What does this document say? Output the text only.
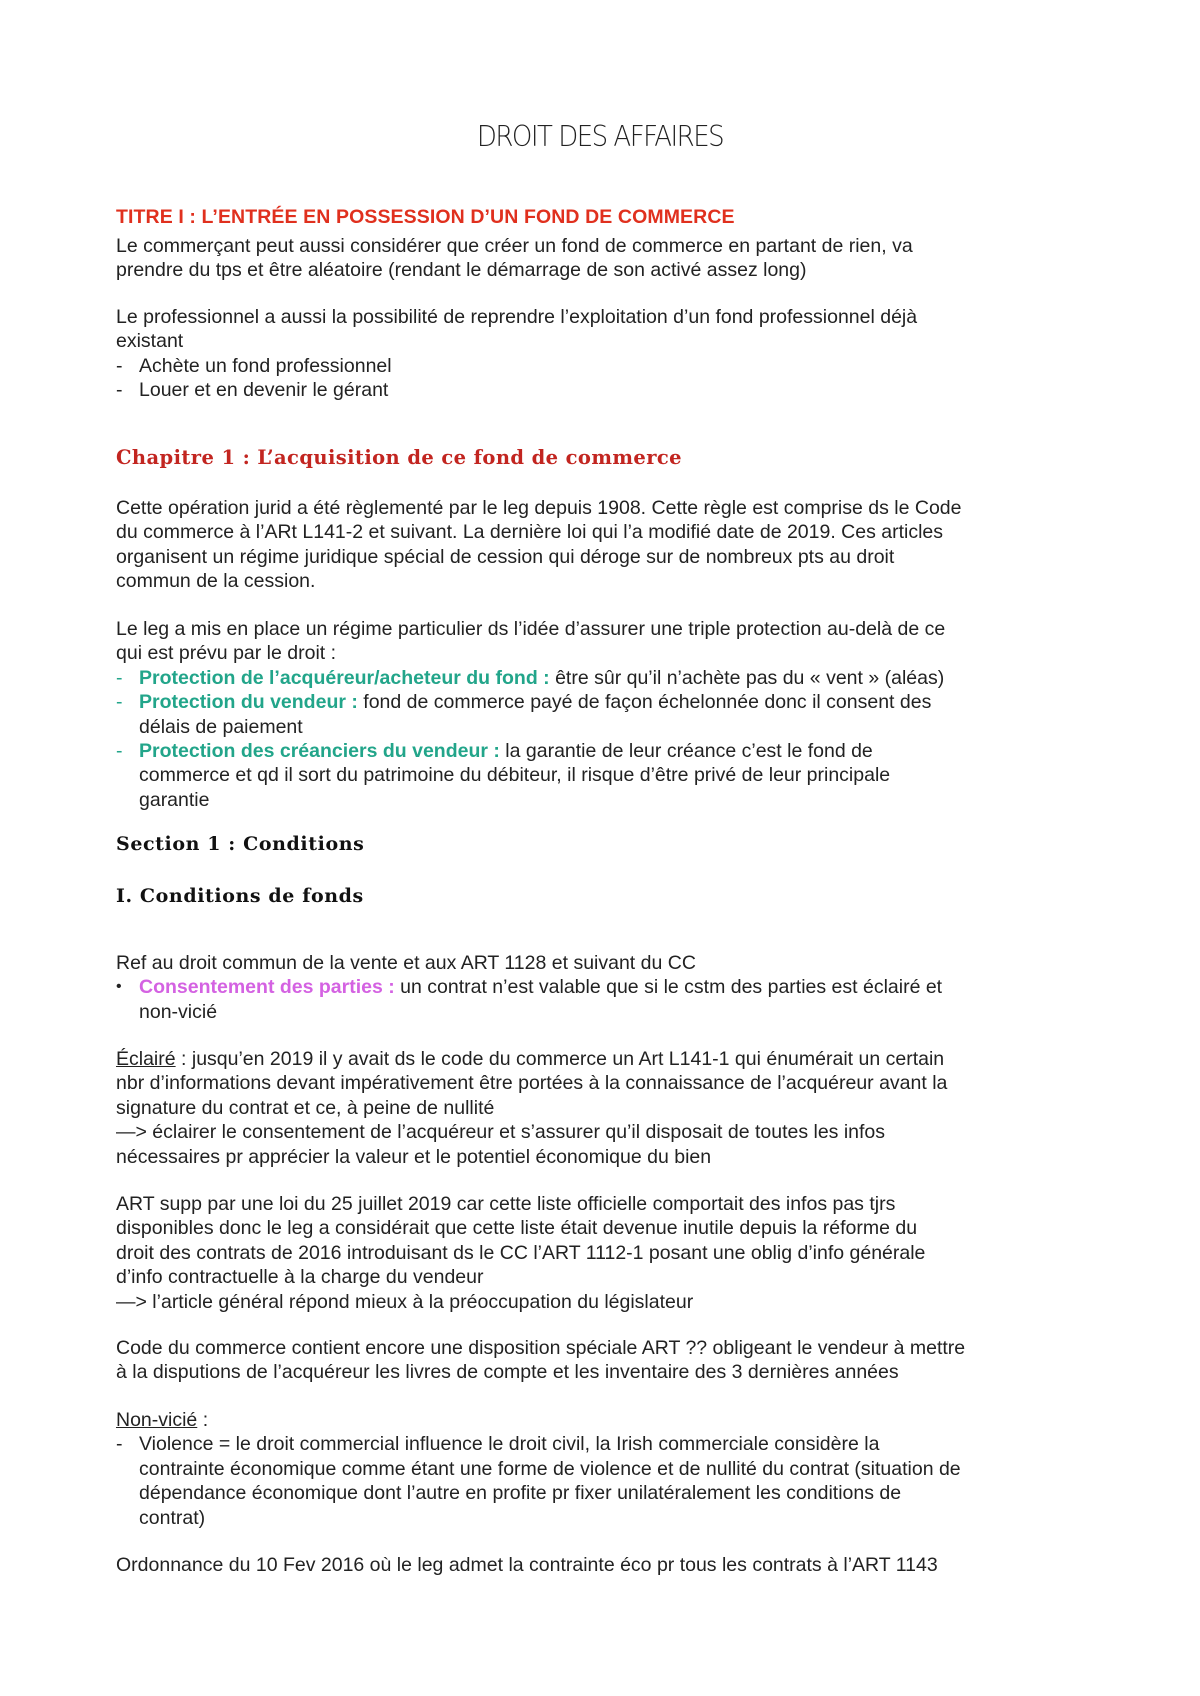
DROIT DES AFFAIRES
TITRE I : L’ENTRÉE EN POSSESSION D’UN FOND DE COMMERCE
Le commerçant peut aussi considérer que créer un fond de commerce en partant de rien, va
prendre du tps et être aléatoire (rendant le démarrage de son activé assez long)
Le professionnel a aussi la possibilité de reprendre l’exploitation d’un fond professionnel déjà
existant
- Achète un fond professionnel
- Louer et en devenir le gérant
Chapitre 1 : L’acquisition de ce fond de commerce
Cette opération jurid a été règlementé par le leg depuis 1908. Cette règle est comprise ds le Code
du commerce à l’ARt L141-2 et suivant. La dernière loi qui l’a modifié date de 2019. Ces articles
organisent un régime juridique spécial de cession qui déroge sur de nombreux pts au droit
commun de la cession.
Le leg a mis en place un régime particulier ds l’idée d’assurer une triple protection au-delà de ce
qui est prévu par le droit :
- Protection de l’acquéreur/acheteur du fond : être sûr qu’il n’achète pas du « vent » (aléas)
- Protection du vendeur : fond de commerce payé de façon échelonnée donc il consent des
délais de paiement
- Protection des créanciers du vendeur : la garantie de leur créance c’est le fond de
commerce et qd il sort du patrimoine du débiteur, il risque d’être privé de leur principale
garantie
Section 1 : Conditions
I. Conditions de fonds
Ref au droit commun de la vente et aux ART 1128 et suivant du CC
• Consentement des parties : un contrat n’est valable que si le cstm des parties est éclairé et
non-vicié
Éclairé : jusqu’en 2019 il y avait ds le code du commerce un Art L141-1 qui énumérait un certain
nbr d’informations devant impérativement être portées à la connaissance de l’acquéreur avant la
signature du contrat et ce, à peine de nullité
—> éclairer le consentement de l’acquéreur et s’assurer qu’il disposait de toutes les infos
nécessaires pr apprécier la valeur et le potentiel économique du bien
ART supp par une loi du 25 juillet 2019 car cette liste officielle comportait des infos pas tjrs
disponibles donc le leg a considérait que cette liste était devenue inutile depuis la réforme du
droit des contrats de 2016 introduisant ds le CC l’ART 1112-1 posant une oblig d’info générale
d’info contractuelle à la charge du vendeur
—> l’article général répond mieux à la préoccupation du législateur
Code du commerce contient encore une disposition spéciale ART ?? obligeant le vendeur à mettre
à la disputions de l’acquéreur les livres de compte et les inventaire des 3 dernières années
Non-vicié :
- Violence = le droit commercial influence le droit civil, la Irish commerciale considère la
contrainte économique comme étant une forme de violence et de nullité du contrat (situation de
dépendance économique dont l’autre en profite pr fixer unilatéralement les conditions de
contrat)
Ordonnance du 10 Fev 2016 où le leg admet la contrainte éco pr tous les contrats à l’ART 1143
